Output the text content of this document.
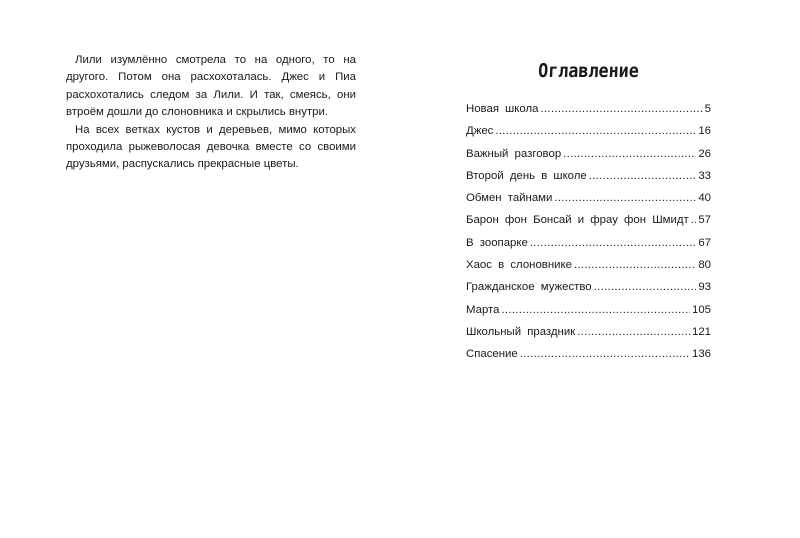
Лили изумлённо смотрела то на одного, то на другого. Потом она расхохоталась. Джес и Пиа расхохотались следом за Лили. И так, смеясь, они втроём дошли до слоновника и скрылись внутри.

На всех ветках кустов и деревьев, мимо которых проходила рыжеволосая девочка вместе со своими друзьями, распускались прекрасные цветы.

Оглавление
Новая школа .....	5
Джес .....	16
Важный разговор .....	26
Второй день в школе .....	33
Обмен тайнами .....	40
Барон фон Бонсай и фрау фон Шмидт ..... 57
В зоопарке .....	67
Хаос в слоновнике .....	80
Гражданское мужество .....	93
Марта .....	105
Школьный праздник .....	121
Спасение .....	136
